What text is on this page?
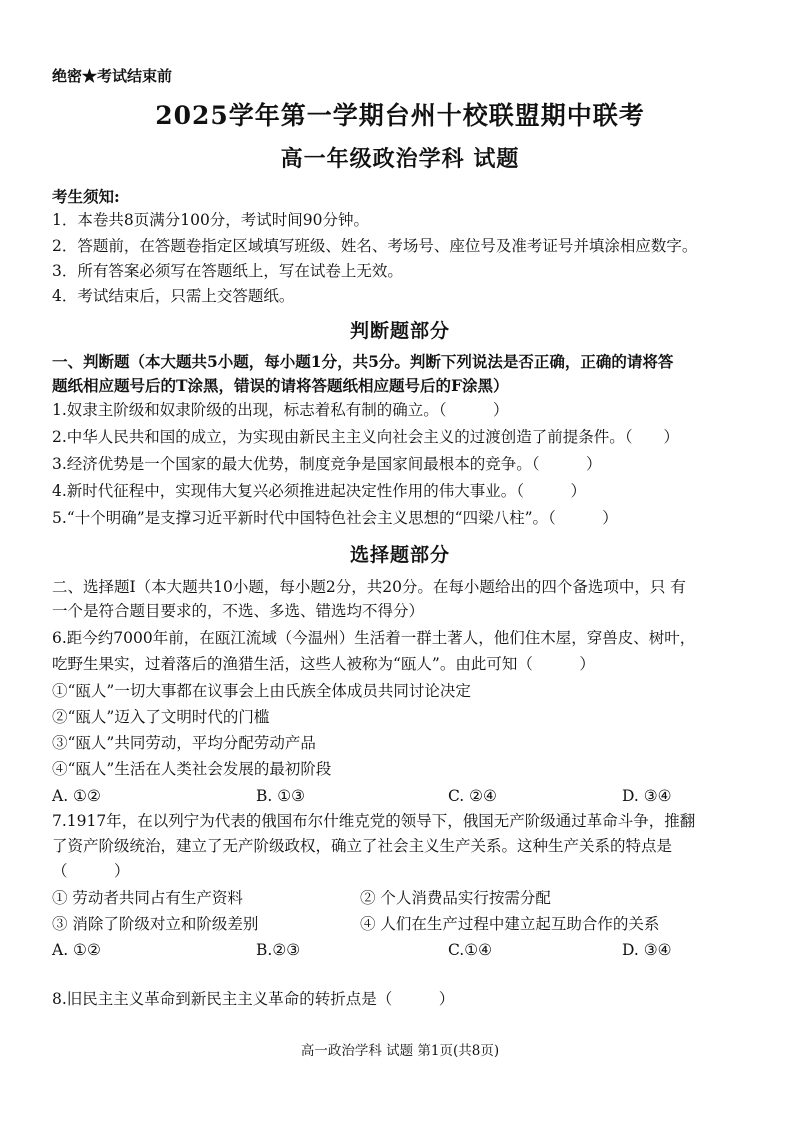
绝密★考试结束前
2025学年第一学期台州十校联盟期中联考
高一年级政治学科 试题
考生须知:
1．本卷共8页满分100分，考试时间90分钟。
2．答题前，在答题卷指定区域填写班级、姓名、考场号、座位号及准考证号并填涂相应数字。
3．所有答案必须写在答题纸上，写在试卷上无效。
4．考试结束后，只需上交答题纸。
判断题部分
一、判断题（本大题共5小题，每小题1分，共5分。判断下列说法是否正确，正确的请将答
题纸相应题号后的T涂黑，错误的请将答题纸相应题号后的F涂黑）
1.奴隶主阶级和奴隶阶级的出现，标志着私有制的确立。（　　　）
2.中华人民共和国的成立，为实现由新民主主义向社会主义的过渡创造了前提条件。（　　）
3.经济优势是一个国家的最大优势，制度竞争是国家间最根本的竞争。（　　　）
4.新时代征程中，实现伟大复兴必须推进起决定性作用的伟大事业。（　　　）
5.“十个明确”是支撑习近平新时代中国特色社会主义思想的“四梁八柱”。（　　　）
选择题部分
二、选择题Ⅰ（本大题共10小题，每小题2分，共20分。在每小题给出的四个备选项中，只 有
一个是符合题目要求的，不选、多选、错选均不得分）
6.距今约7000年前，在瓯江流域（今温州）生活着一群土著人，他们住木屋，穿兽皮、树叶，
吃野生果实，过着落后的渔猎生活，这些人被称为“瓯人”。由此可知（　　　）
①“瓯人”一切大事都在议事会上由氏族全体成员共同讨论决定
②“瓯人”迈入了文明时代的门槛
③“瓯人”共同劳动，平均分配劳动产品
④“瓯人”生活在人类社会发展的最初阶段
A. ①②	B. ①③	C. ②④	D. ③④
7.1917年，在以列宁为代表的俄国布尔什维克党的领导下，俄国无产阶级通过革命斗争，推翻
了资产阶级统治，建立了无产阶级政权，确立了社会主义生产关系。这种生产关系的特点是
（　　　）
① 劳动者共同占有生产资料	② 个人消费品实行按需分配
③ 消除了阶级对立和阶级差别	④ 人们在生产过程中建立起互助合作的关系
A. ①②	B.②③	C.①④	D. ③④
8.旧民主主义革命到新民主主义革命的转折点是（　　　）
高一政治学科 试题 第1页(共8页)
